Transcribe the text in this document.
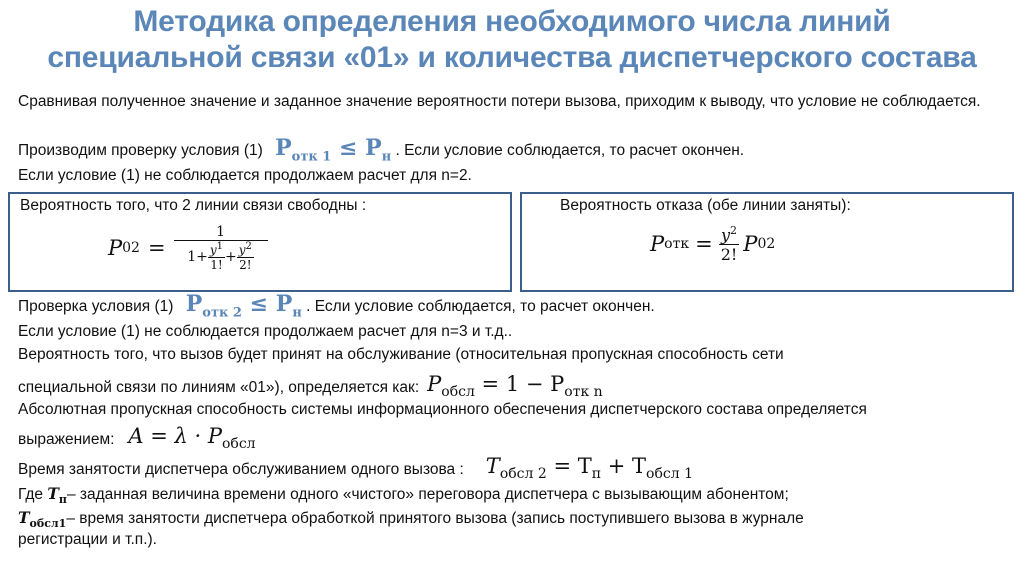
Методика определения необходимого числа линий
специальной связи «01» и количества диспетчерского состава
Сравнивая полученное значение и заданное значение вероятности потери вызова, приходим к выводу, что условие не соблюдается.
Производим проверку условия (1) $P_{отк 1} \le P_н$ . Если условие соблюдается, то расчет окончен.
Если условие (1) не соблюдается продолжаем расчет для n=2.
Вероятность того, что 2 линии связи свободны :
P $02 = \frac{1}{1+ \frac{y^1}{1!} + \frac{y^2}{2!}}$
Вероятность отказа (обе линии заняты):
P отк = $\frac{y^2}{2!}$ P 02
Проверка условия (1) $P_{отк 2} \le P_н$ . Если условие соблюдается, то расчет окончен.
Если условие (1) не соблюдается продолжаем расчет для n=3 и т.д..
Вероятность того, что вызов будет принят на обслуживание (относительная пропускная способность сети
специальной связи по линиям «01»), определяется как: $P_{обсл} = 1 - P_{отк n}$
Абсолютная пропускная способность системы информационного обеспечения диспетчерского состава определяется
выражением: $A = \lambda \cdot P_{обсл}$
Время занятости диспетчера обслуживанием одного вызова : $T_{обсл 2} = T_п + T_{обсл 1}$
Где $T_п-$ заданная величина времени одного «чистого» переговора диспетчера с вызывающим абонентом;
$T_{обсл1}-$ время занятости диспетчера обработкой принятого вызова (запись поступившего вызова в журнале
регистрации и т.п.).
